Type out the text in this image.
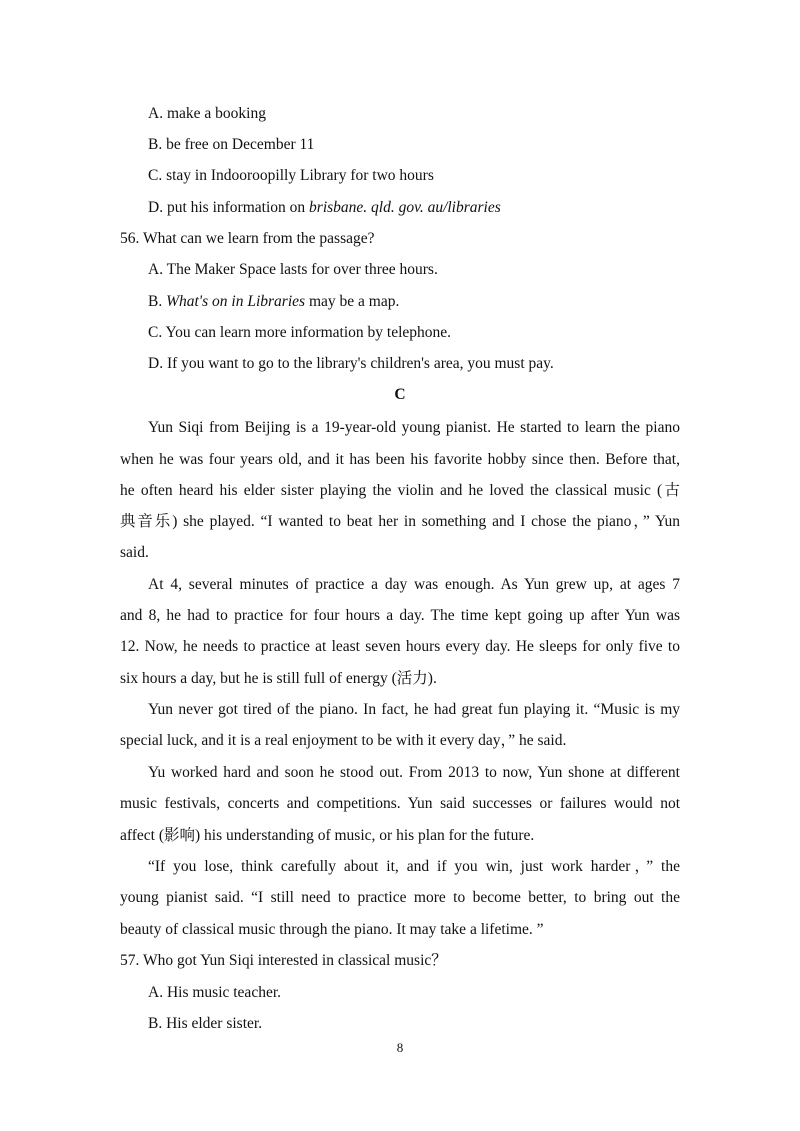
A. make a booking
B. be free on December 11
C. stay in Indooroopilly Library for two hours
D. put his information on brisbane. qld. gov. au/libraries
56. What can we learn from the passage?
A. The Maker Space lasts for over three hours.
B. What's on in Libraries may be a map.
C. You can learn more information by telephone.
D. If you want to go to the library's children's area, you must pay.
C
Yun Siqi from Beijing is a 19-year-old young pianist. He started to learn the piano
when he was four years old, and it has been his favorite hobby since then. Before that,
he often heard his elder sister playing the violin and he loved the classical music (古
典音乐) she played. “I wanted to beat her in something and I chose the piano，” Yun
said.
At 4, several minutes of practice a day was enough. As Yun grew up, at ages 7
and 8, he had to practice for four hours a day. The time kept going up after Yun was
12. Now, he needs to practice at least seven hours every day. He sleeps for only five to
six hours a day, but he is still full of energy (活力).
Yun never got tired of the piano. In fact, he had great fun playing it. “Music is my
special luck, and it is a real enjoyment to be with it every day，” he said.
Yu worked hard and soon he stood out. From 2013 to now, Yun shone at different
music festivals, concerts and competitions. Yun said successes or failures would not
affect (影响) his understanding of music, or his plan for the future.
“If you lose, think carefully about it, and if you win, just work harder，” the
young pianist said. “I still need to practice more to become better, to bring out the
beauty of classical music through the piano. It may take a lifetime. ”
57. Who got Yun Siqi interested in classical music？
A. His music teacher.
B. His elder sister.
8
